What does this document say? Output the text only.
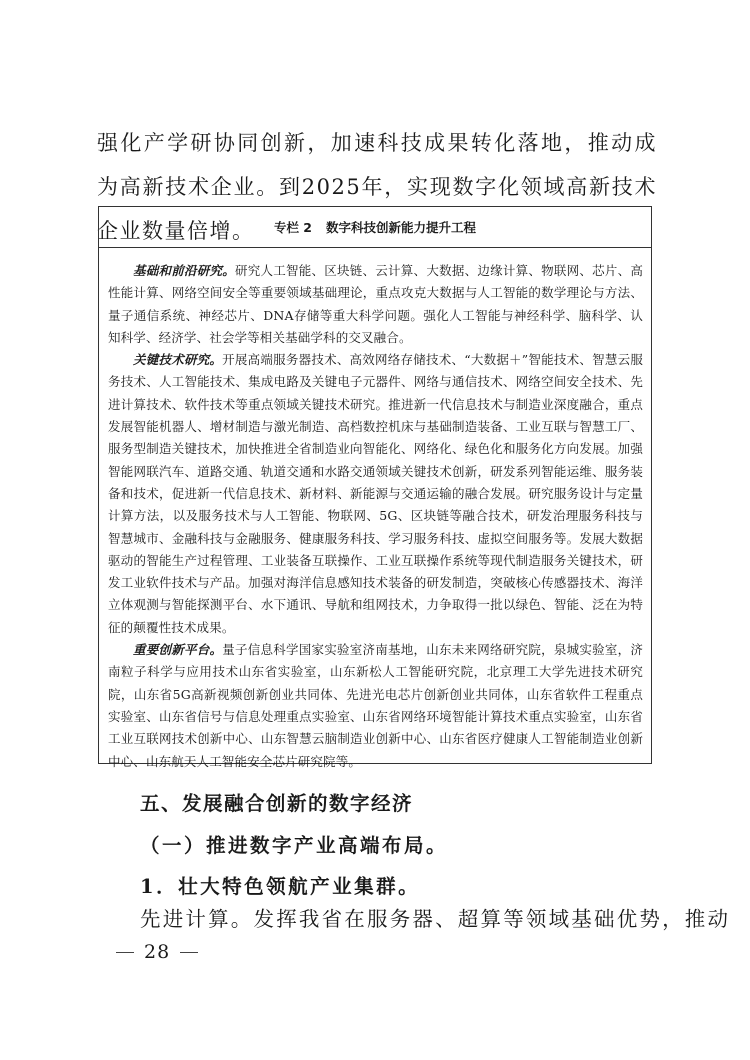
强化产学研协同创新，加速科技成果转化落地，推动成为高新技术企业。到2025年，实现数字化领域高新技术企业数量倍增。	专栏 2 数字科技创新能力提升工程

基础和前沿研究。研究人工智能、区块链、云计算、大数据、边缘计算、物联网、芯片、高性能计算、网络空间安全等重要领域基础理论，重点攻克大数据与人工智能的数学理论与方法、量子通信系统、神经芯片、DNA存储等重大科学问题。强化人工智能与神经科学、脑科学、认知科学、经济学、社会学等相关基础学科的交叉融合。

关键技术研究。开展高端服务器技术、高效网络存储技术、“大数据＋”智能技术、智慧云服务技术、人工智能技术、集成电路及关键电子元器件、网络与通信技术、网络空间安全技术、先进计算技术、软件技术等重点领域关键技术研究。推进新一代信息技术与制造业深度融合，重点发展智能机器人、增材制造与激光制造、高档数控机床与基础制造装备、工业互联与智慧工厂、服务型制造关键技术，加快推进全省制造业向智能化、网络化、绿色化和服务化方向发展。加强智能网联汽车、道路交通、轨道交通和水路交通领域关键技术创新，研发系列智能运维、服务装备和技术，促进新一代信息技术、新材料、新能源与交通运输的融合发展。研究服务设计与定量计算方法，以及服务技术与人工智能、物联网、5G、区块链等融合技术，研发治理服务科技与智慧城市、金融科技与金融服务、健康服务科技、学习服务科技、虚拟空间服务等。发展大数据驱动的智能生产过程管理、工业装备互联操作、工业互联操作系统等现代制造服务关键技术，研发工业软件技术与产品。加强对海洋信息感知技术装备的研发制造，突破核心传感器技术、海洋立体观测与智能探测平台、水下通讯、导航和组网技术，力争取得一批以绿色、智能、泛在为特征的颠覆性技术成果。

重要创新平台。量子信息科学国家实验室济南基地，山东未来网络研究院，泉城实验室，济南粒子科学与应用技术山东省实验室，山东新松人工智能研究院，北京理工大学先进技术研究院，山东省5G高新视频创新创业共同体、先进光电芯片创新创业共同体，山东省软件工程重点实验室、山东省信号与信息处理重点实验室、山东省网络环境智能计算技术重点实验室，山东省工业互联网技术创新中心、山东智慧云脑制造业创新中心、山东省医疗健康人工智能制造业创新中心、山东航天人工智能安全芯片研究院等。

五、发展融合创新的数字经济
（一）推进数字产业高端布局。
1．壮大特色领航产业集群。

先进计算。发挥我省在服务器、超算等领域基础优势，推动

28
